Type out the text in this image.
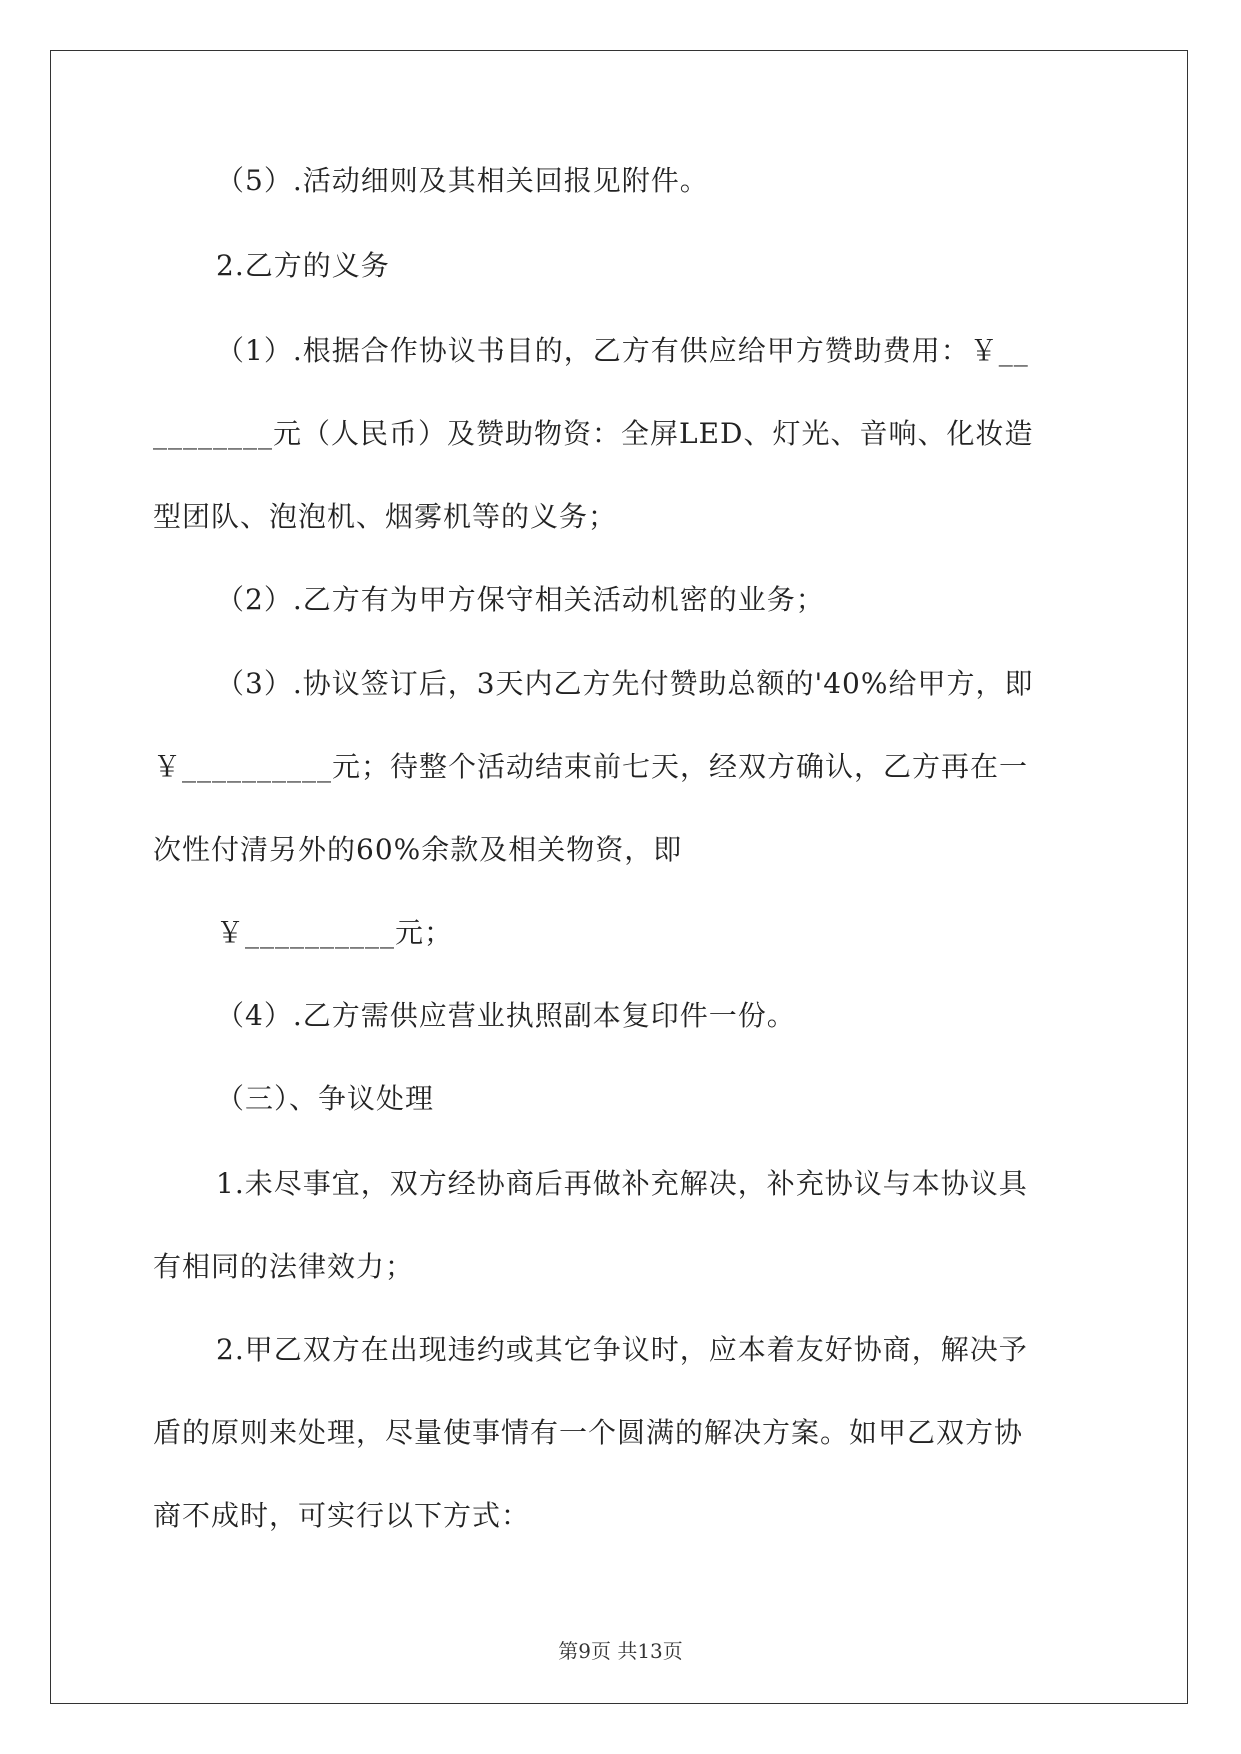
（5）.活动细则及其相关回报见附件。

2.乙方的义务

（1）.根据合作协议书目的，乙方有供应给甲方赞助费用：￥__
________元（人民币）及赞助物资：全屏LED、灯光、音响、化妆造
型团队、泡泡机、烟雾机等的义务；

（2）.乙方有为甲方保守相关活动机密的业务；

（3）.协议签订后，3天内乙方先付赞助总额的'40%给甲方，即
￥__________元；待整个活动结束前七天，经双方确认，乙方再在一
次性付清另外的60%余款及相关物资，即

￥__________元；

（4）.乙方需供应营业执照副本复印件一份。

（三）、争议处理

1.未尽事宜，双方经协商后再做补充解决，补充协议与本协议具
有相同的法律效力；

2.甲乙双方在出现违约或其它争议时，应本着友好协商，解决予
盾的原则来处理，尽量使事情有一个圆满的解决方案。如甲乙双方协
商不成时，可实行以下方式：

第9页 共13页
